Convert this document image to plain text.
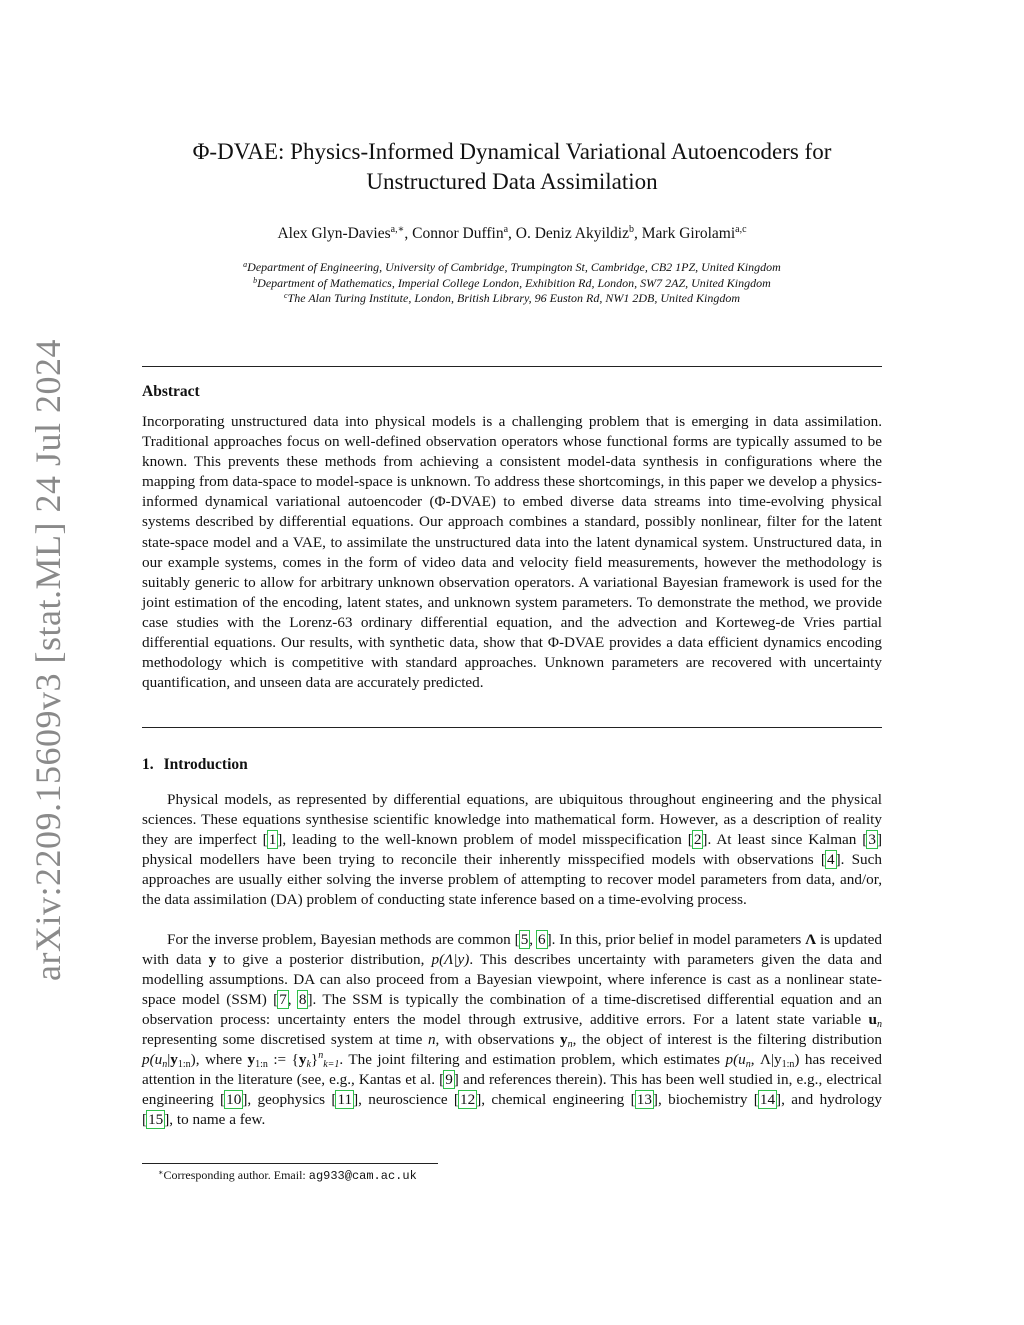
arXiv:2209.15609v3 [stat.ML] 24 Jul 2024
Φ-DVAE: Physics-Informed Dynamical Variational Autoencoders for
Unstructured Data Assimilation

Alex Glyn-Davies$^{a,∗}$, Connor Duffin$^a$, O. Deniz Akyildiz$^b$, Mark Girolami$^{a,c}$

$^a$Department of Engineering, University of Cambridge, Trumpington St, Cambridge, CB2 1PZ, United Kingdom
$^b$Department of Mathematics, Imperial College London, Exhibition Rd, London, SW7 2AZ, United Kingdom
$^c$The Alan Turing Institute, London, British Library, 96 Euston Rd, NW1 2DB, United Kingdom
Abstract

Incorporating unstructured data into physical models is a challenging problem that is emerging in data assimilation. Traditional approaches focus on well-defined observation operators whose functional forms are typically assumed to be known. This prevents these methods from achieving a consistent model-data synthesis in configurations where the mapping from data-space to model-space is unknown. To address these shortcomings, in this paper we develop a physics-informed dynamical variational autoencoder (Φ-DVAE) to embed diverse data streams into time-evolving physical systems described by differential equations. Our approach combines a standard, possibly nonlinear, filter for the latent state-space model and a VAE, to assimilate the unstructured data into the latent dynamical system. Unstructured data, in our example systems, comes in the form of video data and velocity field measurements, however the methodology is suitably generic to allow for arbitrary unknown observation operators. A variational Bayesian framework is used for the joint estimation of the encoding, latent states, and unknown system parameters. To demonstrate the method, we provide case studies with the Lorenz-63 ordinary differential equation, and the advection and Korteweg-de Vries partial differential equations. Our results, with synthetic data, show that Φ-DVAE provides a data efficient dynamics encoding methodology which is competitive with standard approaches. Unknown parameters are recovered with uncertainty quantification, and unseen data are accurately predicted.

1. Introduction

Physical models, as represented by differential equations, are ubiquitous throughout engineering and the physical sciences. These equations synthesise scientific knowledge into mathematical form. However, as a description of reality they are imperfect [1], leading to the well-known problem of model misspecification [2]. At least since Kalman [3] physical modellers have been trying to reconcile their inherently misspecified models with observations [4]. Such approaches are usually either solving the inverse problem of attempting to recover model parameters from data, and/or, the data assimilation (DA) problem of conducting state inference based on a time-evolving process.

For the inverse problem, Bayesian methods are common [5, 6]. In this, prior belief in model parameters Λ is updated with data y to give a posterior distribution, p(Λ|y). This describes uncertainty with parameters given the data and modelling assumptions. DA can also proceed from a Bayesian viewpoint, where inference is cast as a nonlinear state-space model (SSM) [7, 8]. The SSM is typically the combination of a time-discretised differential equation and an observation process: uncertainty enters the model through extrusive, additive errors. For a latent state variable $u_n$ representing some discretised system at time n, with observations $y_n$, the object of interest is the filtering distribution $p(u_n|y_{1:n})$, where $y_{1:n}$ := $\{y_k\}^n_{k=1}$. The joint filtering and estimation problem, which estimates $p(u_n$, $\Lambda|y_{1:n}$) has received attention in the literature (see, e.g., Kantas et al. [9] and references therein). This has been well studied in, e.g., electrical engineering [10], geophysics [11], neuroscience [12], chemical engineering [13], biochemistry [14], and hydrology [15], to name a few.

∗Corresponding author. Email: ag933@cam.ac.uk
